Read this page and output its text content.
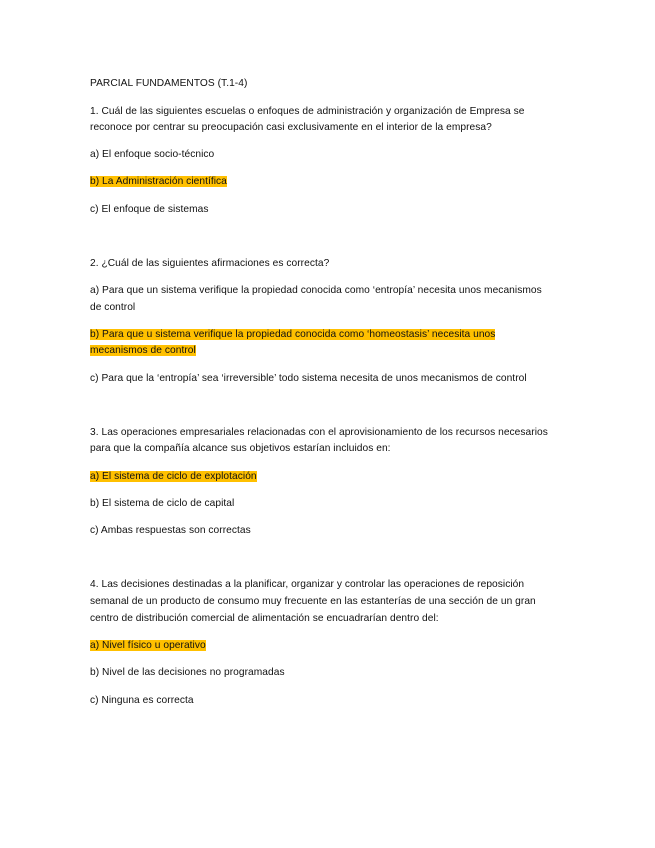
PARCIAL FUNDAMENTOS (T.1-4)
1. Cuál de las siguientes escuelas o enfoques de administración y organización de Empresa se
reconoce por centrar su preocupación casi exclusivamente en el interior de la empresa?
a) El enfoque socio-técnico
b) La Administración científica
c) El enfoque de sistemas
2. ¿Cuál de las siguientes afirmaciones es correcta?
a) Para que un sistema verifique la propiedad conocida como ‘entropía’ necesita unos mecanismos
de control
b) Para que u sistema verifique la propiedad conocida como ‘homeostasis’ necesita unos
mecanismos de control
c) Para que la ‘entropía’ sea ‘irreversible’ todo sistema necesita de unos mecanismos de control
3. Las operaciones empresariales relacionadas con el aprovisionamiento de los recursos necesarios
para que la compañía alcance sus objetivos estarían incluidos en:
a) El sistema de ciclo de explotación
b) El sistema de ciclo de capital
c) Ambas respuestas son correctas
4. Las decisiones destinadas a la planificar, organizar y controlar las operaciones de reposición
semanal de un producto de consumo muy frecuente en las estanterías de una sección de un gran
centro de distribución comercial de alimentación se encuadrarían dentro del:
a) Nivel físico u operativo
b) Nivel de las decisiones no programadas
c) Ninguna es correcta
